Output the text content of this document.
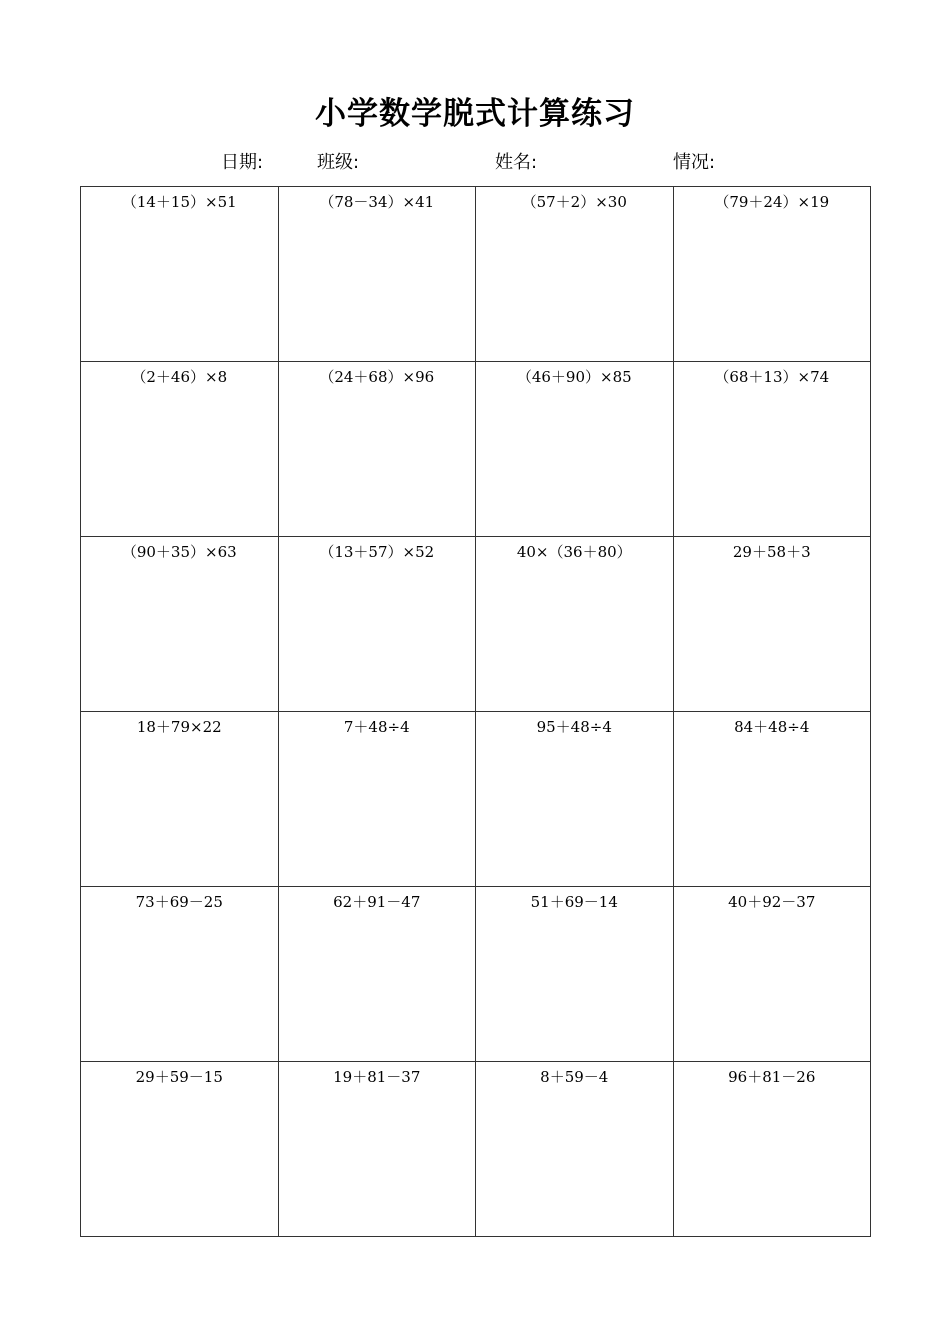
小学数学脱式计算练习
日期:	班级:	姓名:	情况:
（14＋15）×51	（78－34）×41	（57＋2）×30	（79＋24）×19
（2＋46）×8	（24＋68）×96	（46＋90）×85	（68＋13）×74
（90＋35）×63	（13＋57）×52	40×（36＋80）	29＋58＋3
18＋79×22	7＋48÷4	95＋48÷4	84＋48÷4
73＋69－25	62＋91－47	51＋69－14	40＋92－37
29＋59－15	19＋81－37	8＋59－4	96＋81－26
